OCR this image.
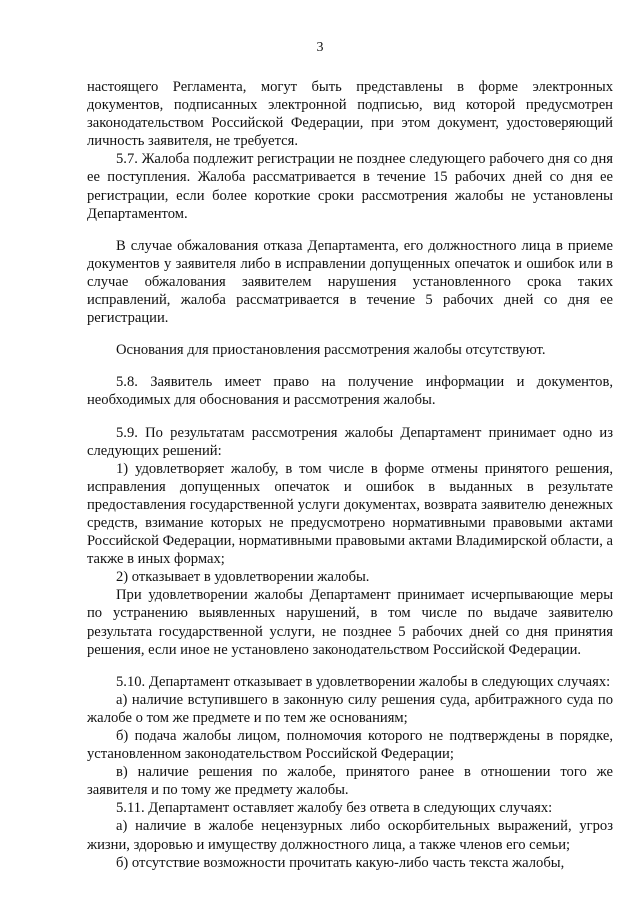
3

настоящего Регламента, могут быть представлены в форме электронных документов, подписанных электронной подписью, вид которой предусмотрен законодательством Российской Федерации, при этом документ, удостоверяющий личность заявителя, не требуется.

5.7. Жалоба подлежит регистрации не позднее следующего рабочего дня со дня ее поступления. Жалоба рассматривается в течение 15 рабочих дней со дня ее регистрации, если более короткие сроки рассмотрения жалобы не установлены Департаментом.

В случае обжалования отказа Департамента, его должностного лица в приеме документов у заявителя либо в исправлении допущенных опечаток и ошибок или в случае обжалования заявителем нарушения установленного срока таких исправлений, жалоба рассматривается в течение 5 рабочих дней со дня ее регистрации.

Основания для приостановления рассмотрения жалобы отсутствуют.

5.8. Заявитель имеет право на получение информации и документов, необходимых для обоснования и рассмотрения жалобы.

5.9. По результатам рассмотрения жалобы Департамент принимает одно из следующих решений:

1) удовлетворяет жалобу, в том числе в форме отмены принятого решения, исправления допущенных опечаток и ошибок в выданных в результате предоставления государственной услуги документах, возврата заявителю денежных средств, взимание которых не предусмотрено нормативными правовыми актами Российской Федерации, нормативными правовыми актами Владимирской области, а также в иных формах;

2) отказывает в удовлетворении жалобы.

При удовлетворении жалобы Департамент принимает исчерпывающие меры по устранению выявленных нарушений, в том числе по выдаче заявителю результата государственной услуги, не позднее 5 рабочих дней со дня принятия решения, если иное не установлено законодательством Российской Федерации.

5.10. Департамент отказывает в удовлетворении жалобы в следующих случаях:

а) наличие вступившего в законную силу решения суда, арбитражного суда по жалобе о том же предмете и по тем же основаниям;

б) подача жалобы лицом, полномочия которого не подтверждены в порядке, установленном законодательством Российской Федерации;

в) наличие решения по жалобе, принятого ранее в отношении того же заявителя и по тому же предмету жалобы.

5.11. Департамент оставляет жалобу без ответа в следующих случаях:

а) наличие в жалобе нецензурных либо оскорбительных выражений, угроз жизни, здоровью и имуществу должностного лица, а также членов его семьи;

б) отсутствие возможности прочитать какую-либо часть текста жалобы,
